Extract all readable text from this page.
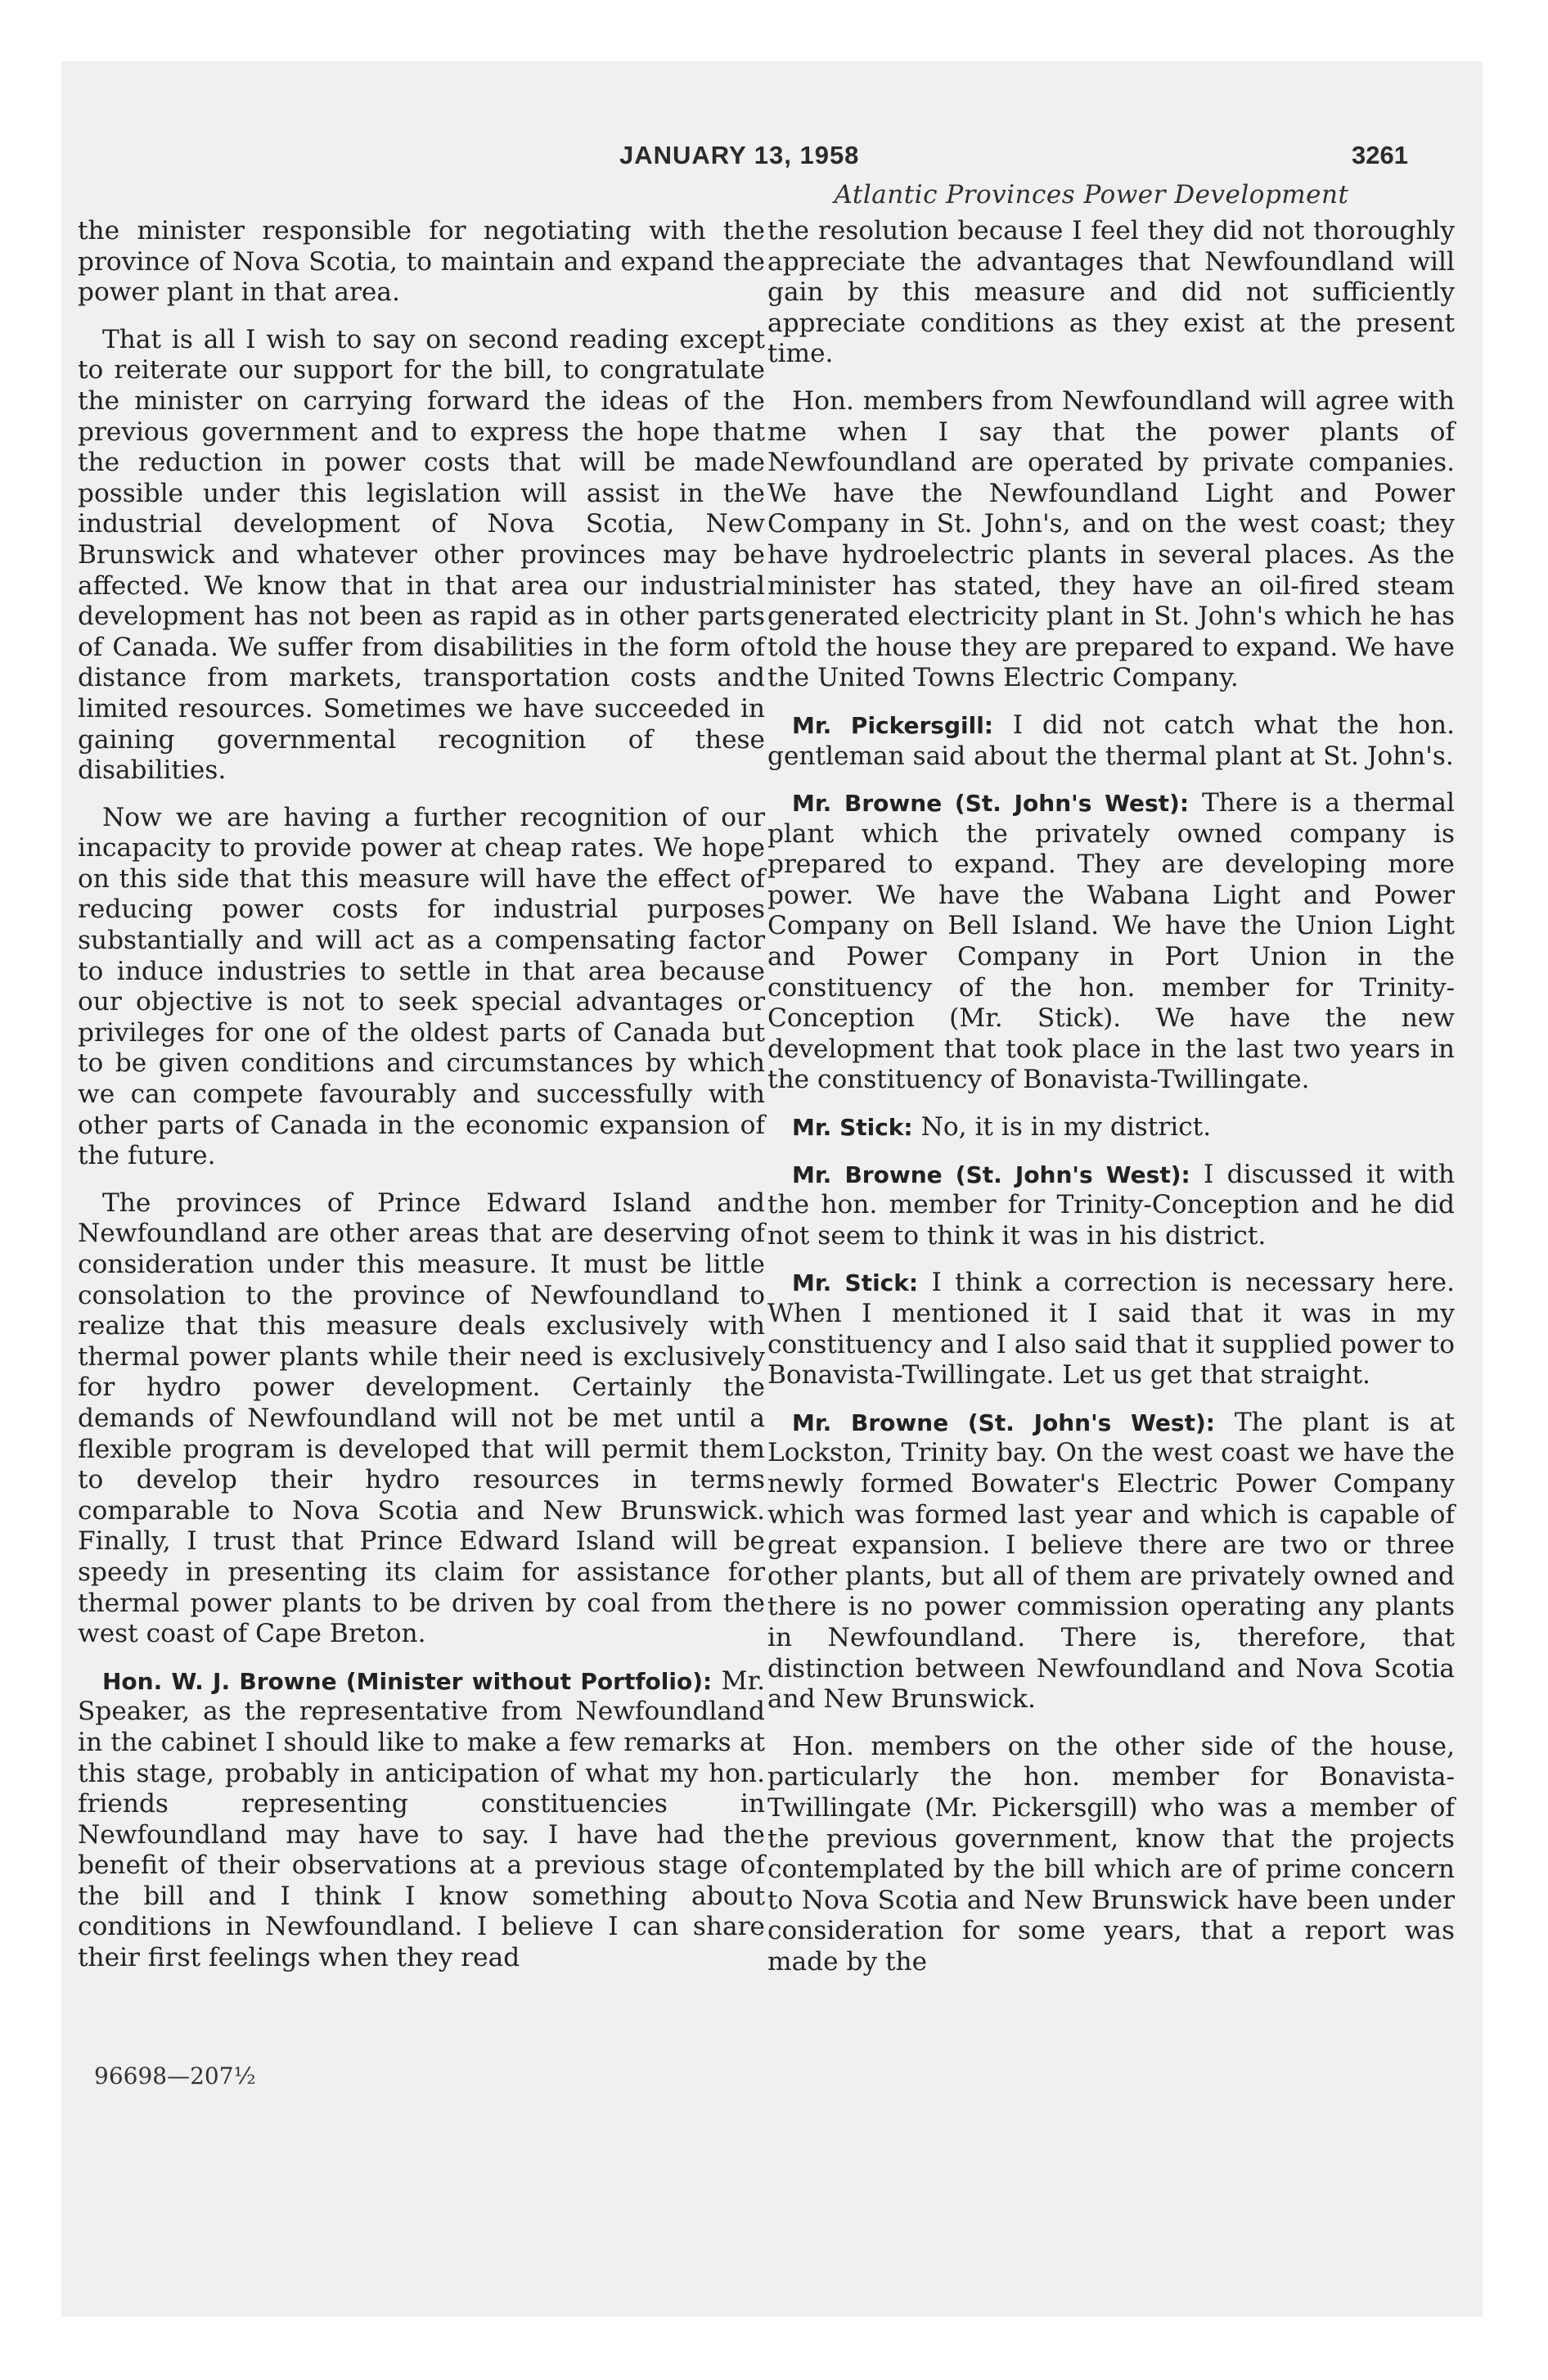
JANUARY 13, 1958	3261
Atlantic Provinces Power Development

the minister responsible for negotiating with the province of Nova Scotia, to maintain and expand the power plant in that area.

That is all I wish to say on second reading except to reiterate our support for the bill, to congratulate the minister on carrying forward the ideas of the previous government and to express the hope that the reduction in power costs that will be made possible under this legislation will assist in the industrial development of Nova Scotia, New Brunswick and whatever other provinces may be affected. We know that in that area our industrial development has not been as rapid as in other parts of Canada. We suffer from disabilities in the form of distance from markets, transportation costs and limited resources. Sometimes we have succeeded in gaining governmental recognition of these disabilities.

Now we are having a further recognition of our incapacity to provide power at cheap rates. We hope on this side that this measure will have the effect of reducing power costs for industrial purposes substantially and will act as a compensating factor to induce industries to settle in that area because our objective is not to seek special advantages or privileges for one of the oldest parts of Canada but to be given conditions and circumstances by which we can compete favourably and successfully with other parts of Canada in the economic expansion of the future.

The provinces of Prince Edward Island and Newfoundland are other areas that are deserving of consideration under this measure. It must be little consolation to the province of Newfoundland to realize that this measure deals exclusively with thermal power plants while their need is exclusively for hydro power development. Certainly the demands of Newfoundland will not be met until a flexible program is developed that will permit them to develop their hydro resources in terms comparable to Nova Scotia and New Brunswick. Finally, I trust that Prince Edward Island will be speedy in presenting its claim for assistance for thermal power plants to be driven by coal from the west coast of Cape Breton.

Hon. W. J. Browne (Minister without Portfolio): Mr. Speaker, as the representative from Newfoundland in the cabinet I should like to make a few remarks at this stage, probably in anticipation of what my hon. friends representing constituencies in Newfoundland may have to say. I have had the benefit of their observations at a previous stage of the bill and I think I know something about conditions in Newfoundland. I believe I can share their first feelings when they read

96698—207½

the resolution because I feel they did not thoroughly appreciate the advantages that Newfoundland will gain by this measure and did not sufficiently appreciate conditions as they exist at the present time.

Hon. members from Newfoundland will agree with me when I say that the power plants of Newfoundland are operated by private companies. We have the Newfoundland Light and Power Company in St. John's, and on the west coast; they have hydroelectric plants in several places. As the minister has stated, they have an oil-fired steam generated electricity plant in St. John's which he has told the house they are prepared to expand. We have the United Towns Electric Company.

Mr. Pickersgill: I did not catch what the hon. gentleman said about the thermal plant at St. John's.

Mr. Browne (St. John's West): There is a thermal plant which the privately owned company is prepared to expand. They are developing more power. We have the Wabana Light and Power Company on Bell Island. We have the Union Light and Power Company in Port Union in the constituency of the hon. member for Trinity-Conception (Mr. Stick). We have the new development that took place in the last two years in the constituency of Bonavista-Twillingate.

Mr. Stick: No, it is in my district.

Mr. Browne (St. John's West): I discussed it with the hon. member for Trinity-Conception and he did not seem to think it was in his district.

Mr. Stick: I think a correction is necessary here. When I mentioned it I said that it was in my constituency and I also said that it supplied power to Bonavista-Twillingate. Let us get that straight.

Mr. Browne (St. John's West): The plant is at Lockston, Trinity bay. On the west coast we have the newly formed Bowater's Electric Power Company which was formed last year and which is capable of great expansion. I believe there are two or three other plants, but all of them are privately owned and there is no power commission operating any plants in Newfoundland. There is, therefore, that distinction between Newfoundland and Nova Scotia and New Brunswick.

Hon. members on the other side of the house, particularly the hon. member for Bonavista-Twillingate (Mr. Pickersgill) who was a member of the previous government, know that the projects contemplated by the bill which are of prime concern to Nova Scotia and New Brunswick have been under consideration for some years, that a report was made by the
